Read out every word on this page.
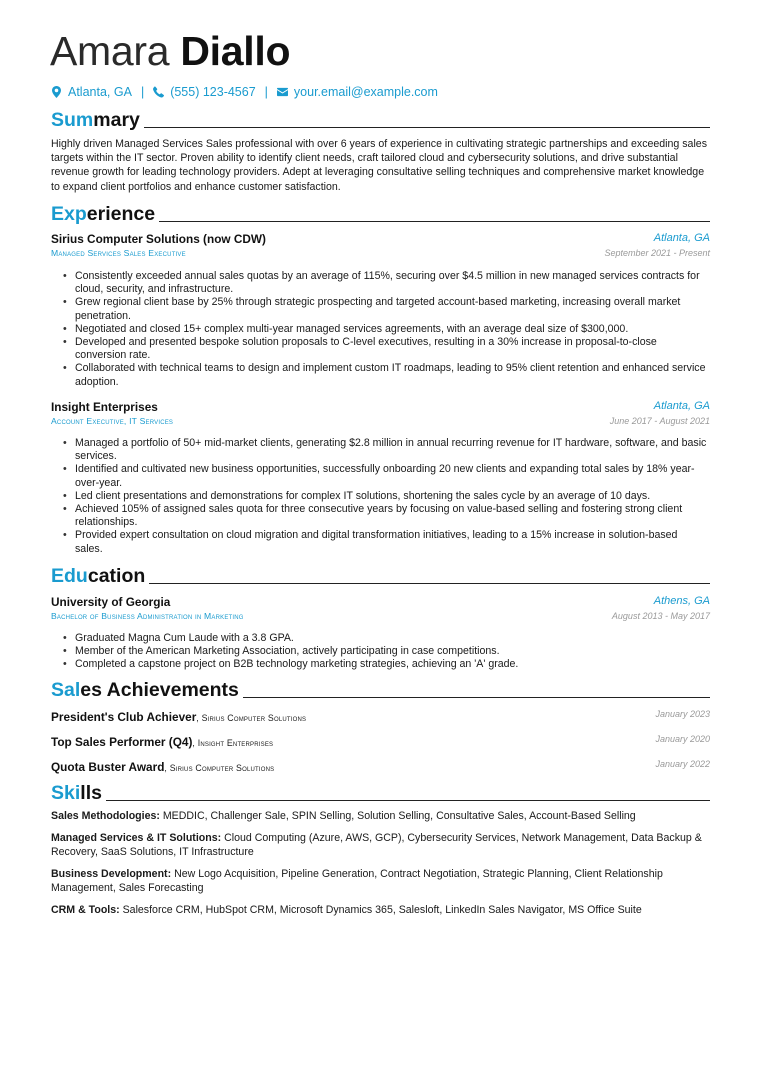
Amara Diallo
Atlanta, GA | (555) 123-4567 | your.email@example.com
Summary
Highly driven Managed Services Sales professional with over 6 years of experience in cultivating strategic partnerships and exceeding sales targets within the IT sector. Proven ability to identify client needs, craft tailored cloud and cybersecurity solutions, and drive substantial revenue growth for leading technology providers. Adept at leveraging consultative selling techniques and comprehensive market knowledge to expand client portfolios and enhance customer satisfaction.
Experience
Sirius Computer Solutions (now CDW)	Atlanta, GA
Managed Services Sales Executive	September 2021 - Present
• Consistently exceeded annual sales quotas by an average of 115%, securing over $4.5 million in new managed services contracts for cloud, security, and infrastructure.
• Grew regional client base by 25% through strategic prospecting and targeted account-based marketing, increasing overall market penetration.
• Negotiated and closed 15+ complex multi-year managed services agreements, with an average deal size of $300,000.
• Developed and presented bespoke solution proposals to C-level executives, resulting in a 30% increase in proposal-to-close conversion rate.
• Collaborated with technical teams to design and implement custom IT roadmaps, leading to 95% client retention and enhanced service adoption.
Insight Enterprises	Atlanta, GA
Account Executive, IT Services	June 2017 - August 2021
• Managed a portfolio of 50+ mid-market clients, generating $2.8 million in annual recurring revenue for IT hardware, software, and basic services.
• Identified and cultivated new business opportunities, successfully onboarding 20 new clients and expanding total sales by 18% year-over-year.
• Led client presentations and demonstrations for complex IT solutions, shortening the sales cycle by an average of 10 days.
• Achieved 105% of assigned sales quota for three consecutive years by focusing on value-based selling and fostering strong client relationships.
• Provided expert consultation on cloud migration and digital transformation initiatives, leading to a 15% increase in solution-based sales.
Education
University of Georgia	Athens, GA
Bachelor of Business Administration in Marketing	August 2013 - May 2017
• Graduated Magna Cum Laude with a 3.8 GPA.
• Member of the American Marketing Association, actively participating in case competitions.
• Completed a capstone project on B2B technology marketing strategies, achieving an 'A' grade.
Sales Achievements
President's Club Achiever, Sirius Computer Solutions	January 2023
Top Sales Performer (Q4), Insight Enterprises	January 2020
Quota Buster Award, Sirius Computer Solutions	January 2022
Skills
Sales Methodologies: MEDDIC, Challenger Sale, SPIN Selling, Solution Selling, Consultative Sales, Account-Based Selling
Managed Services & IT Solutions: Cloud Computing (Azure, AWS, GCP), Cybersecurity Services, Network Management, Data Backup & Recovery, SaaS Solutions, IT Infrastructure
Business Development: New Logo Acquisition, Pipeline Generation, Contract Negotiation, Strategic Planning, Client Relationship Management, Sales Forecasting
CRM & Tools: Salesforce CRM, HubSpot CRM, Microsoft Dynamics 365, Salesloft, LinkedIn Sales Navigator, MS Office Suite
